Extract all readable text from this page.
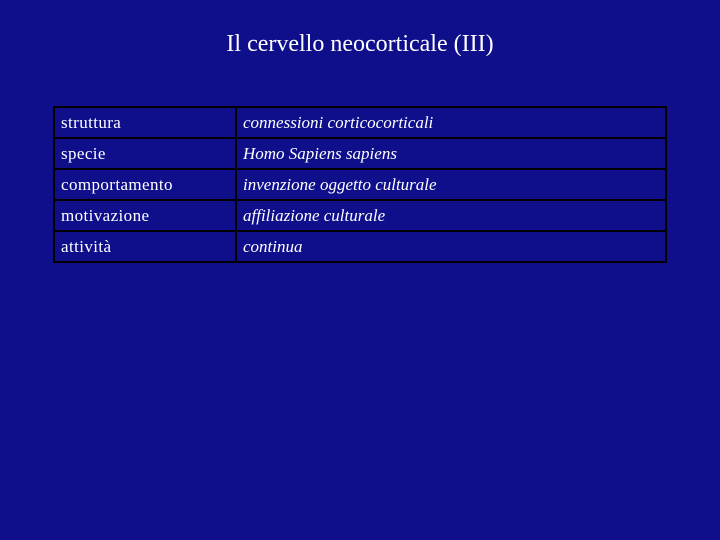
Il cervello neocorticale (III)
struttura	connessioni corticocorticali
specie	Homo Sapiens sapiens
comportamento	invenzione oggetto culturale
motivazione	affiliazione culturale
attività	continua
